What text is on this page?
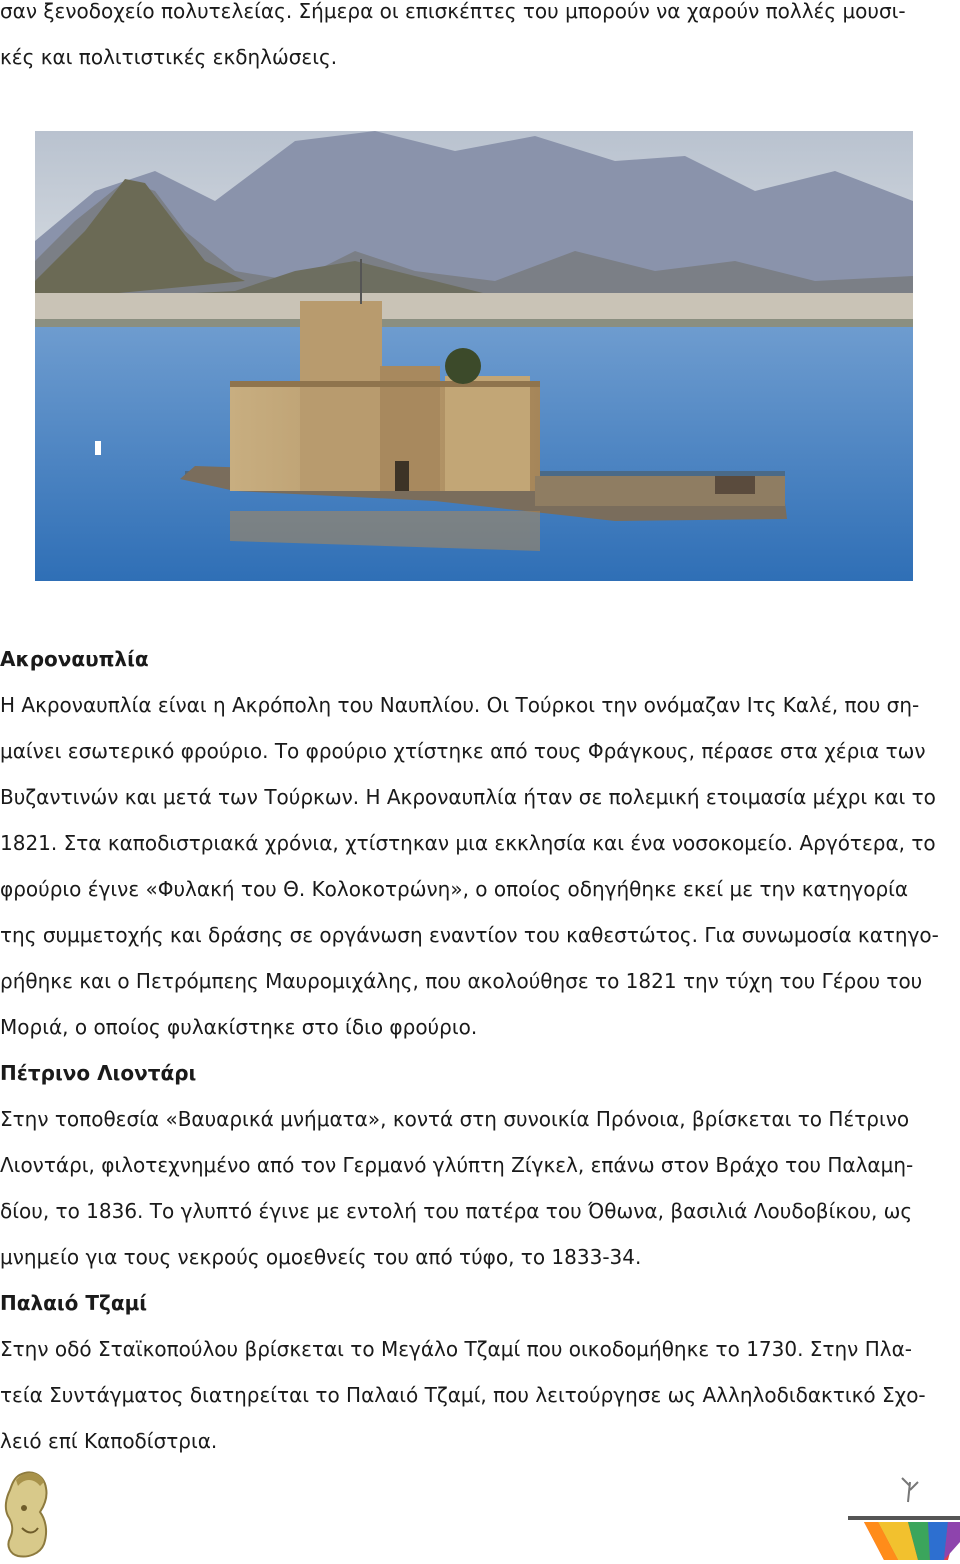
σαν ξενοδοχείο πολυτελείας. Σήμερα οι επισκέπτες του μπορούν να χαρούν πολλές μουσι-
κές και πολιτιστικές εκδηλώσεις.
Ακροναυπλία
Η Ακροναυπλία είναι η Ακρόπολη του Ναυπλίου. Οι Τούρκοι την ονόμαζαν Ιτς Καλέ, που ση-
μαίνει εσωτερικό φρούριο. Το φρούριο χτίστηκε από τους Φράγκους, πέρασε στα χέρια των
Βυζαντινών και μετά των Τούρκων. Η Ακροναυπλία ήταν σε πολεμική ετοιμασία μέχρι και το
1821. Στα καποδιστριακά χρόνια, χτίστηκαν μια εκκλησία και ένα νοσοκομείο. Αργότερα, το
φρούριο έγινε «Φυλακή του Θ. Κολοκοτρώνη», ο οποίος οδηγήθηκε εκεί με την κατηγορία
της συμμετοχής και δράσης σε οργάνωση εναντίον του καθεστώτος. Για συνωμοσία κατηγο-
ρήθηκε και ο Πετρόμπεης Μαυρομιχάλης, που ακολούθησε το 1821 την τύχη του Γέρου του
Μοριά, ο οποίος φυλακίστηκε στο ίδιο φρούριο.
Πέτρινο Λιοντάρι
Στην τοποθεσία «Βαυαρικά μνήματα», κοντά στη συνοικία Πρόνοια, βρίσκεται το Πέτρινο
Λιοντάρι, φιλοτεχνημένο από τον Γερμανό γλύπτη Ζίγκελ, επάνω στον Βράχο του Παλαμη-
δίου, το 1836. Το γλυπτό έγινε με εντολή του πατέρα του Όθωνα, βασιλιά Λουδοβίκου, ως
μνημείο για τους νεκρούς ομοεθνείς του από τύφο, το 1833-34.
Παλαιό Τζαμί
Στην οδό Σταϊκοπούλου βρίσκεται το Μεγάλο Τζαμί που οικοδομήθηκε το 1730. Στην Πλα-
τεία Συντάγματος διατηρείται το Παλαιό Τζαμί, που λειτούργησε ως Αλληλοδιδακτικό Σχο-
λειό επί Καποδίστρια.
